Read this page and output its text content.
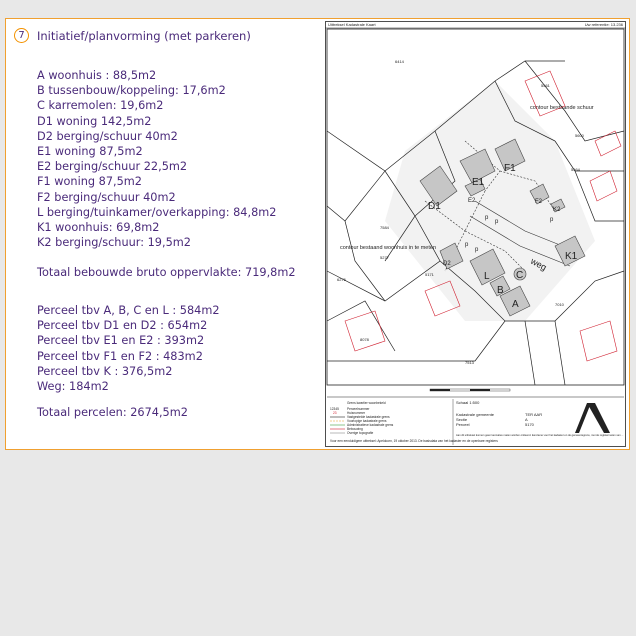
7	Initiatief/planvorming (met parkeren)
A woonhuis : 88,5m2
B tussenbouw/koppeling: 17,6m2
C karremolen: 19,6m2
D1 woning 142,5m2
D2 berging/schuur 40m2
E1 woning 87,5m2
E2 berging/schuur 22,5m2
F1 woning 87,5m2
F2 berging/schuur 40m2
L berging/tuinkamer/overkapping: 84,8m2
K1 woonhuis: 69,8m2
K2 berging/schuur: 19,5m2
Totaal bebouwde bruto oppervlakte: 719,8m2
Perceel tbv A, B, C en L : 584m2
Perceel tbv D1 en D2 : 654m2
Perceel tbv E1 en E2 : 393m2
Perceel tbv F1 en F2 : 483m2
Perceel tbv K : 376,5m2
Weg: 184m2
Totaal percelen: 2674,5m2
Uittreksel Kadastrale Kaart	Uw referentie: 13.236
D1
E1
F1
L
B
C
A
K1
E2	F2
K2
D2
p
p
p
p
p
weg
contour bestaande schuur
contour bestaand woonhuis in te meten
6414
5561
5600
5564
7584
5277
5171
6276
8078
7513
7010
Grens kwartier woonbekeld
12345	Perceelnummer
23	Huisnummer
Vastgestelde kadastrale grens
Voorlopige kadastrale grens
Administratieve kadastrale grens
Bebouwing
Overige topografie
Voor een eenduidigere uittreksel: Apeldoorn, 19 oktober 2013. De basisdata van het kadaster en de openbare registers
Schaal 1:500
Kadastrale gemeente	TER AAR
Sectie	A
Perceel	5170
Aan dit uittreksel kunnen geen kennaites maten worden ontleend. Eenzame voor het kadaster en de gemeentegrens, met de registermeten van ...
